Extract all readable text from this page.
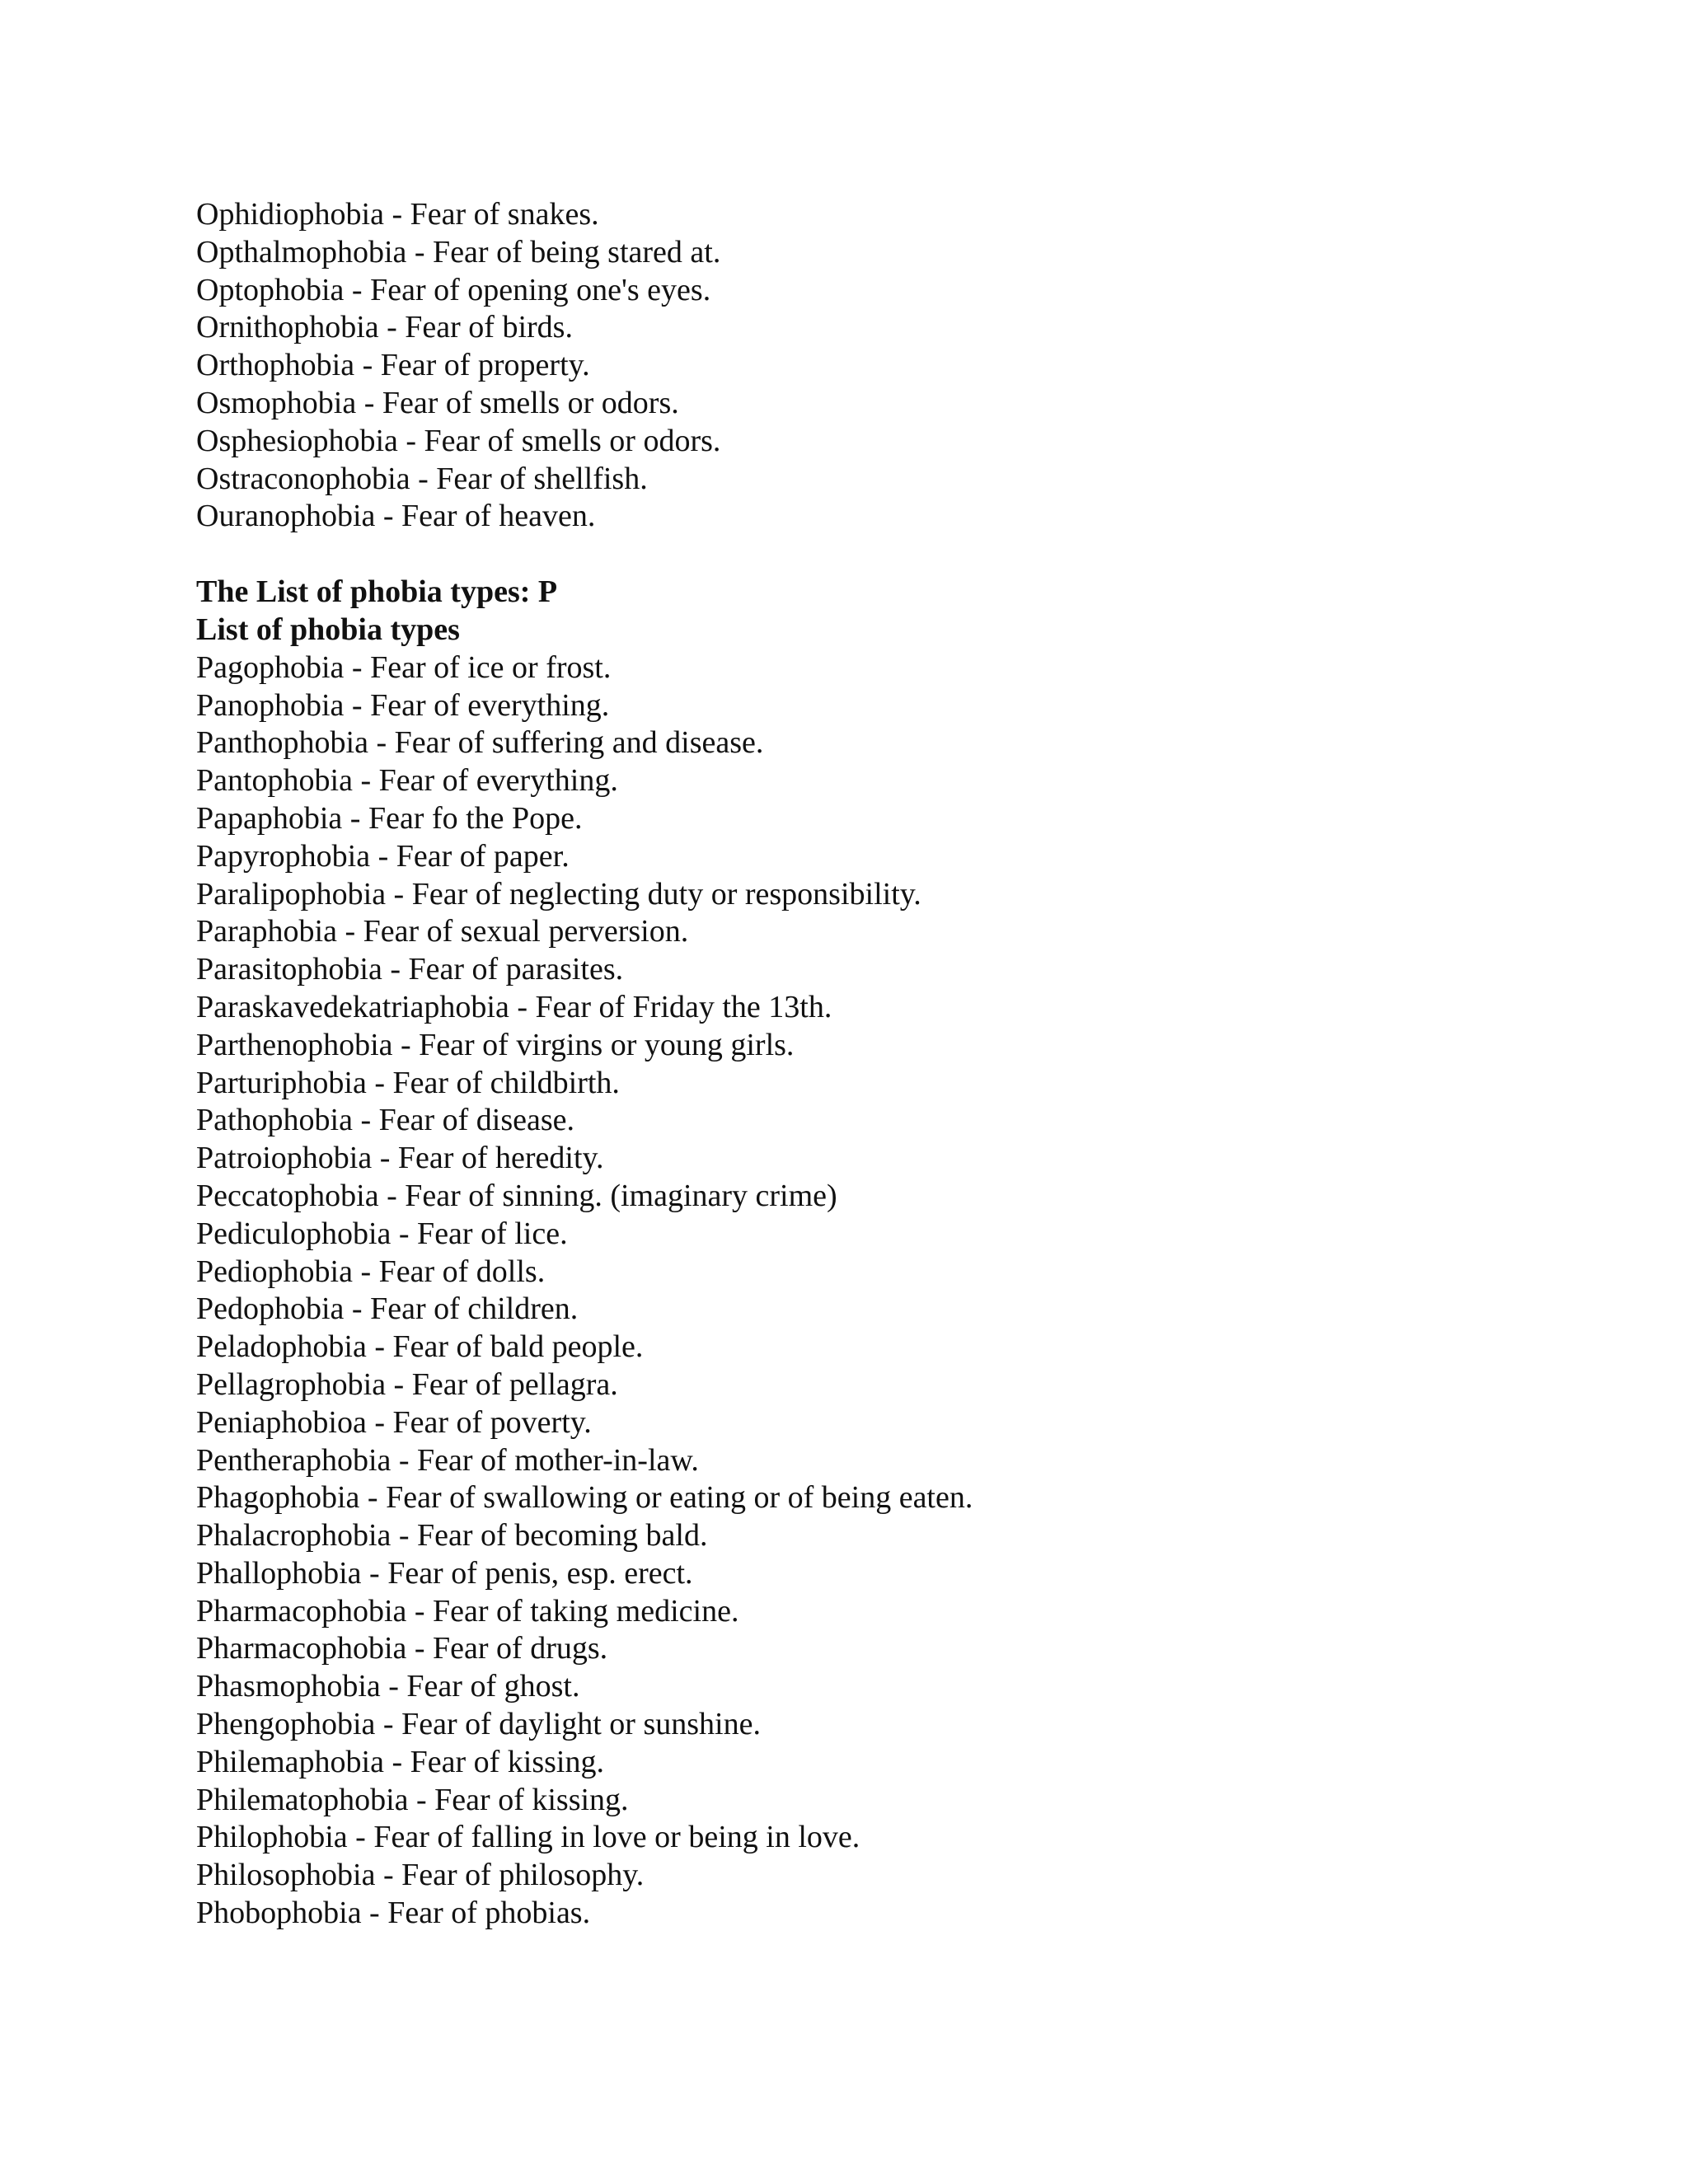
Ophidiophobia - Fear of snakes.
Opthalmophobia - Fear of being stared at.
Optophobia - Fear of opening one's eyes.
Ornithophobia - Fear of birds.
Orthophobia - Fear of property.
Osmophobia - Fear of smells or odors.
Osphesiophobia - Fear of smells or odors.
Ostraconophobia - Fear of shellfish.
Ouranophobia - Fear of heaven.
The List of phobia types: P
List of phobia types
Pagophobia - Fear of ice or frost.
Panophobia - Fear of everything.
Panthophobia - Fear of suffering and disease.
Pantophobia - Fear of everything.
Papaphobia - Fear fo the Pope.
Papyrophobia - Fear of paper.
Paralipophobia - Fear of neglecting duty or responsibility.
Paraphobia - Fear of sexual perversion.
Parasitophobia - Fear of parasites.
Paraskavedekatriaphobia - Fear of Friday the 13th.
Parthenophobia - Fear of virgins or young girls.
Parturiphobia - Fear of childbirth.
Pathophobia - Fear of disease.
Patroiophobia - Fear of heredity.
Peccatophobia - Fear of sinning. (imaginary crime)
Pediculophobia - Fear of lice.
Pediophobia - Fear of dolls.
Pedophobia - Fear of children.
Peladophobia - Fear of bald people.
Pellagrophobia - Fear of pellagra.
Peniaphobioa - Fear of poverty.
Pentheraphobia - Fear of mother-in-law.
Phagophobia - Fear of swallowing or eating or of being eaten.
Phalacrophobia - Fear of becoming bald.
Phallophobia - Fear of penis, esp. erect.
Pharmacophobia - Fear of taking medicine.
Pharmacophobia - Fear of drugs.
Phasmophobia - Fear of ghost.
Phengophobia - Fear of daylight or sunshine.
Philemaphobia - Fear of kissing.
Philematophobia - Fear of kissing.
Philophobia - Fear of falling in love or being in love.
Philosophobia - Fear of philosophy.
Phobophobia - Fear of phobias.
